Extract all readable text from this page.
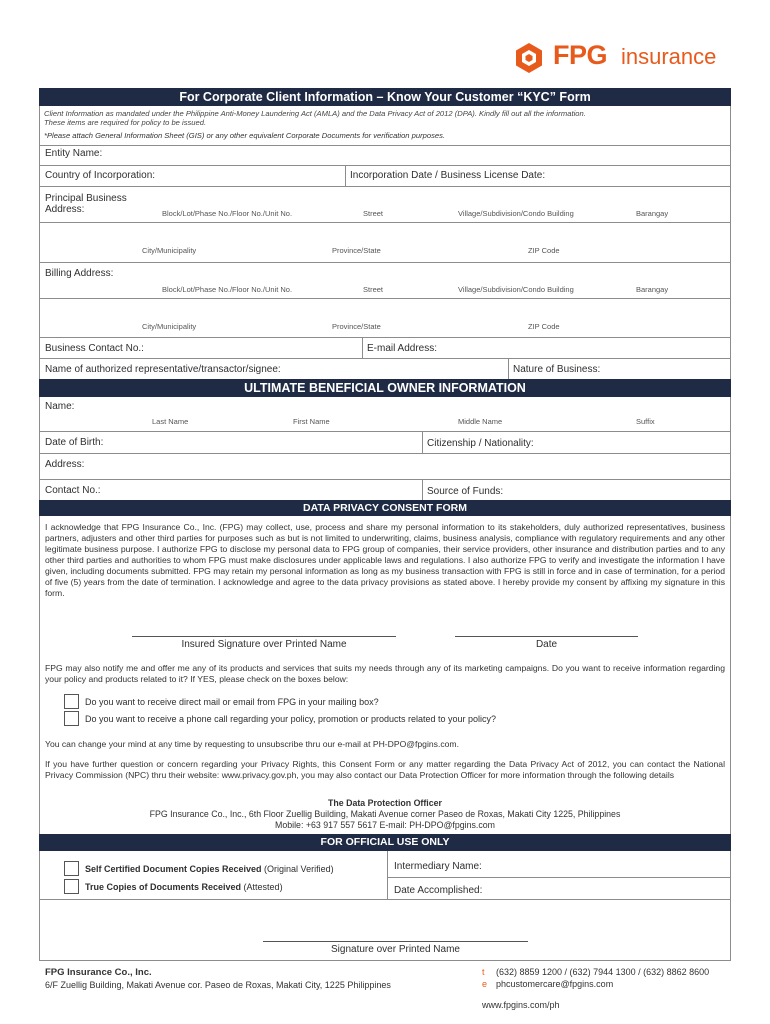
FPG insurance
For Corporate Client Information – Know Your Customer “KYC” Form
Client Information as mandated under the Philippine Anti-Money Laundering Act (AMLA) and the Data Privacy Act of 2012 (DPA). Kindly fill out all the information.
These items are required for policy to be issued.
*Please attach General Information Sheet (GIS) or any other equivalent Corporate Documents for verification purposes.
Entity Name:
Country of Incorporation:	Incorporation Date / Business License Date:
Principal Business
Address:	Block/Lot/Phase No./Floor No./Unit No.	Street	Village/Subdivision/Condo Building	Barangay
City/Municipality	Province/State	ZIP Code
Billing Address:
Block/Lot/Phase No./Floor No./Unit No.	Street	Village/Subdivision/Condo Building	Barangay
City/Municipality	Province/State	ZIP Code
Business Contact No.:	E-mail Address:
Name of authorized representative/transactor/signee:	Nature of Business:
ULTIMATE BENEFICIAL OWNER INFORMATION
Name:
Last Name	First Name	Middle Name	Suffix
Date of Birth:	Citizenship / Nationality:
Address:
Contact No.:	Source of Funds:
DATA PRIVACY CONSENT FORM
I acknowledge that FPG Insurance Co., Inc. (FPG) may collect, use, process and share my personal information to its stakeholders, duly authorized representatives, business partners, adjusters and other third parties for purposes such as but is not limited to underwriting, claims, business analysis, compliance with regulatory requirements and any other legitimate business purpose. I authorize FPG to disclose my personal data to FPG group of companies, their service providers, other insurance and distribution parties and to any other third parties and authorities to whom FPG must make disclosures under applicable laws and regulations. I also authorize FPG to verify and investigate the information I have given, including documents submitted. FPG may retain my personal information as long as my business transaction with FPG is still in force and in case of termination, for a period of five (5) years from the date of termination. I acknowledge and agree to the data privacy provisions as stated above. I hereby provide my consent by affixing my signature in this form.
Insured Signature over Printed Name	Date
FPG may also notify me and offer me any of its products and services that suits my needs through any of its marketing campaigns. Do you want to receive information regarding your policy and products related to it? If YES, please check on the boxes below:
Do you want to receive direct mail or email from FPG in your mailing box?
Do you want to receive a phone call regarding your policy, promotion or products related to your policy?
You can change your mind at any time by requesting to unsubscribe thru our e-mail at PH-DPO@fpgins.com.
If you have further question or concern regarding your Privacy Rights, this Consent Form or any matter regarding the Data Privacy Act of 2012, you can contact the National Privacy Commission (NPC) thru their website: www.privacy.gov.ph, you may also contact our Data Protection Officer for more information through the following details
The Data Protection Officer
FPG Insurance Co., Inc., 6th Floor Zuellig Building, Makati Avenue corner Paseo de Roxas, Makati City 1225, Philippines
Mobile: +63 917 557 5617 E-mail: PH-DPO@fpgins.com
FOR OFFICIAL USE ONLY
Self Certified Document Copies Received (Original Verified)
True Copies of Documents Received (Attested)
Intermediary Name:
Date Accomplished:
Signature over Printed Name
FPG Insurance Co., Inc.
6/F Zuellig Building, Makati Avenue cor. Paseo de Roxas, Makati City, 1225 Philippines
t (632) 8859 1200 / (632) 7944 1300 / (632) 8862 8600
e phcustomercare@fpgins.com
www.fpgins.com/ph
